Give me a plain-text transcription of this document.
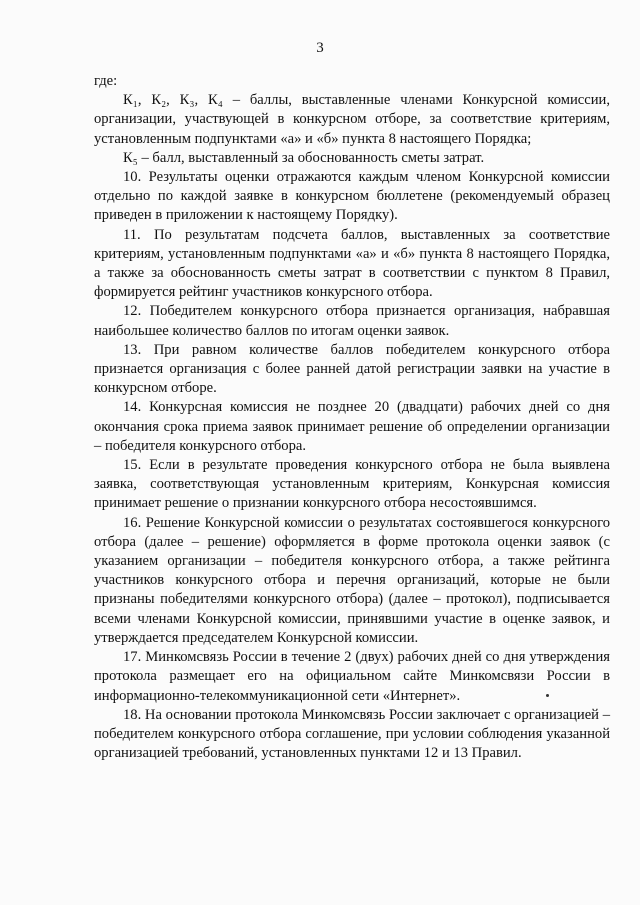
3

где:

К₁, К₂, К₃, К₄ – баллы, выставленные членами Конкурсной комиссии, организации, участвующей в конкурсном отборе, за соответствие критериям, установленным подпунктами «а» и «б» пункта 8 настоящего Порядка;

К₅ – балл, выставленный за обоснованность сметы затрат.

10. Результаты оценки отражаются каждым членом Конкурсной комиссии отдельно по каждой заявке в конкурсном бюллетене (рекомендуемый образец приведен в приложении к настоящему Порядку).

11. По результатам подсчета баллов, выставленных за соответствие критериям, установленным подпунктами «а» и «б» пункта 8 настоящего Порядка, а также за обоснованность сметы затрат в соответствии с пунктом 8 Правил, формируется рейтинг участников конкурсного отбора.

12. Победителем конкурсного отбора признается организация, набравшая наибольшее количество баллов по итогам оценки заявок.

13. При равном количестве баллов победителем конкурсного отбора признается организация с более ранней датой регистрации заявки на участие в конкурсном отборе.

14. Конкурсная комиссия не позднее 20 (двадцати) рабочих дней со дня окончания срока приема заявок принимает решение об определении организации – победителя конкурсного отбора.

15. Если в результате проведения конкурсного отбора не была выявлена заявка, соответствующая установленным критериям, Конкурсная комиссия принимает решение о признании конкурсного отбора несостоявшимся.

16. Решение Конкурсной комиссии о результатах состоявшегося конкурсного отбора (далее – решение) оформляется в форме протокола оценки заявок (с указанием организации – победителя конкурсного отбора, а также рейтинга участников конкурсного отбора и перечня организаций, которые не были признаны победителями конкурсного отбора) (далее – протокол), подписывается всеми членами Конкурсной комиссии, принявшими участие в оценке заявок, и утверждается председателем Конкурсной комиссии.

17. Минкомсвязь России в течение 2 (двух) рабочих дней со дня утверждения протокола размещает его на официальном сайте Минкомсвязи России в информационно-телекоммуникационной сети «Интернет».

18. На основании протокола Минкомсвязь России заключает с организацией – победителем конкурсного отбора соглашение, при условии соблюдения указанной организацией требований, установленных пунктами 12 и 13 Правил.
